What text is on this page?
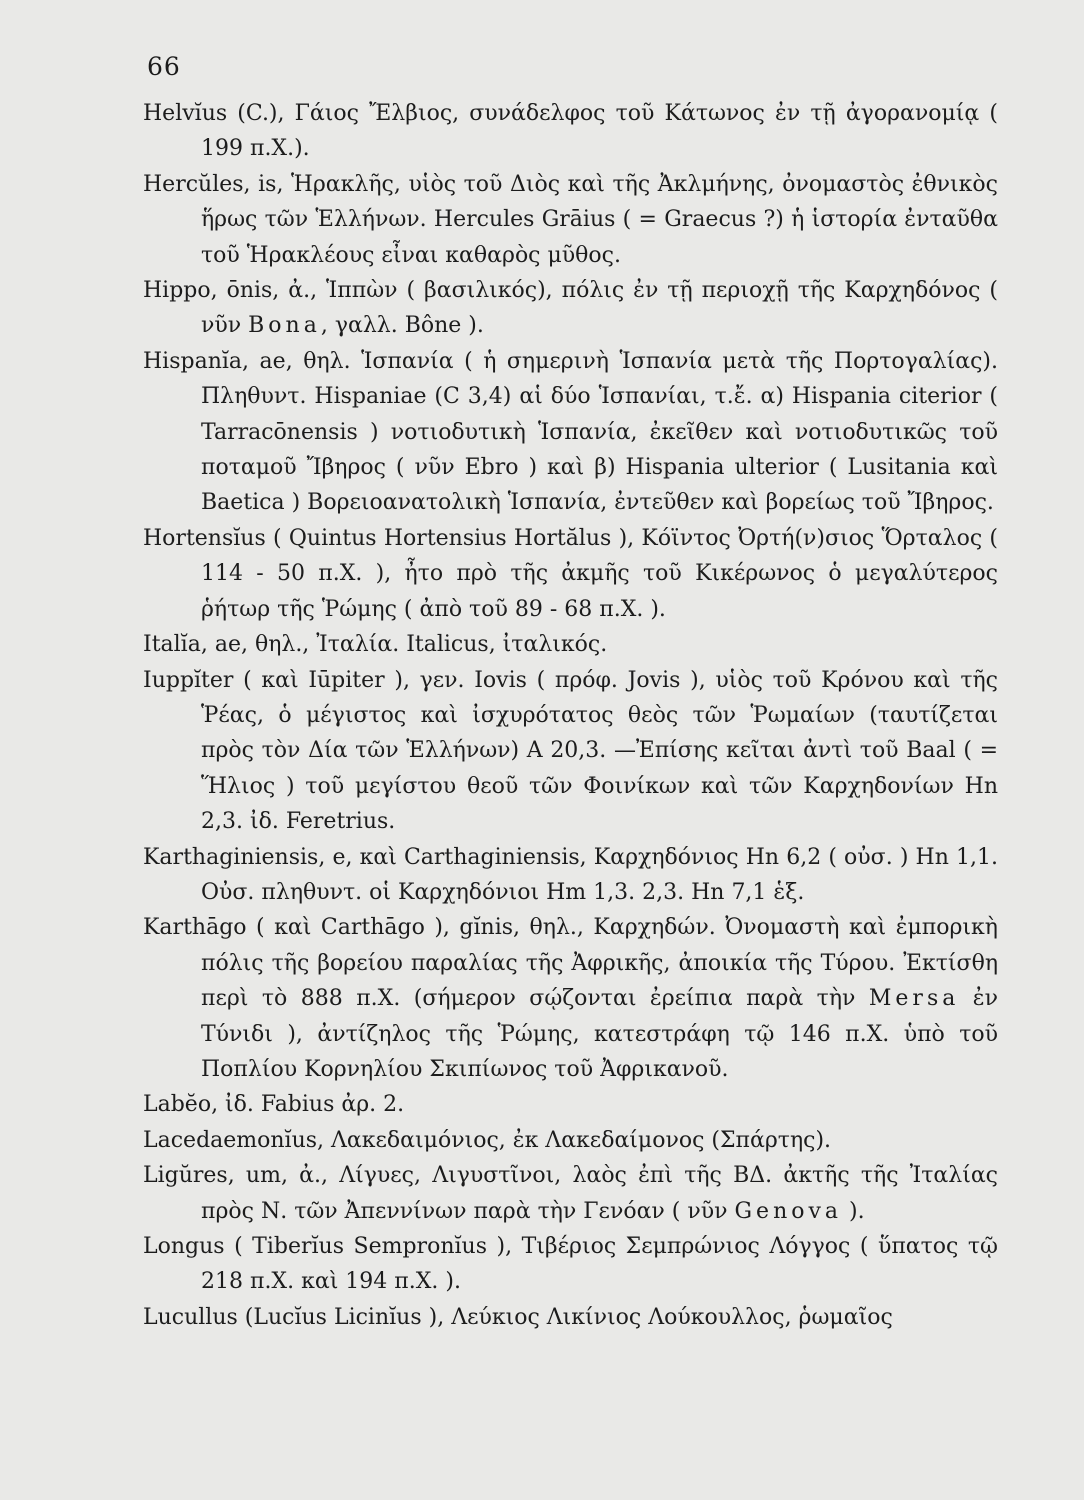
66
Helvĭus (C.), Γάιος Ἔλβιος, συνάδελφος τοῦ Κάτωνος ἐν τῇ ἀγορανομίᾳ ( 199 π.Χ.).
Hercŭles, is, Ἡρακλῆς, υἱὸς τοῦ Διὸς καὶ τῆς Ἀκλμήνης, ὀνομαστὸς ἐθνικὸς ἥρως τῶν Ἑλλήνων. Hercules Grāius ( = Graecus ?) ἡ ἱστορία ἐνταῦθα τοῦ Ἡρακλέους εἶναι καθαρὸς μῦθος.
Hippo, ōnis, ἀ., Ἱππὼν ( βασιλικός), πόλις ἐν τῇ περιοχῇ τῆς Καρχηδόνος ( νῦν Bona, γαλλ. Bône ).
Hispanĭa, ae, θηλ. Ἱσπανία ( ἡ σημερινὴ Ἱσπανία μετὰ τῆς Πορτογαλίας). Πληθυντ. Hispaniae (C 3,4) αἱ δύο Ἱσπανίαι, τ.ἔ. α) Hispania citerior ( Tarracōnensis ) νοτιοδυτικὴ Ἱσπανία, ἐκεῖθεν καὶ νοτιοδυτικῶς τοῦ ποταμοῦ Ἴβηρος ( νῦν Ebro ) καὶ β) Hispania ulterior ( Lusitania καὶ Baetica ) Βορειοανατολικὴ Ἱσπανία, ἐντεῦθεν καὶ βορείως τοῦ Ἴβηρος.
Hortensĭus ( Quintus Hortensius Hortălus ), Κόϊντος Ὀρτή(ν)σιος Ὅρταλος ( 114 - 50 π.Χ. ), ἦτο πρὸ τῆς ἀκμῆς τοῦ Κικέρωνος ὁ μεγαλύτερος ῥήτωρ τῆς Ῥώμης ( ἀπὸ τοῦ 89 - 68 π.Χ. ).
Italĭa, ae, θηλ., Ἰταλία. Italicus, ἰταλικός.
Iuppĭter ( καὶ Iūpiter ), γεν. Iovis ( πρόφ. Jovis ), υἱὸς τοῦ Κρόνου καὶ τῆς Ῥέας, ὁ μέγιστος καὶ ἰσχυρότατος θεὸς τῶν Ῥωμαίων (ταυτίζεται πρὸς τὸν Δία τῶν Ἑλλήνων) A 20,3. —Ἐπίσης κεῖται ἀντὶ τοῦ Baal ( = Ἥλιος ) τοῦ μεγίστου θεοῦ τῶν Φοινίκων καὶ τῶν Καρχηδονίων Hn 2,3. ἰδ. Feretrius.
Karthaginiensis, e, καὶ Carthaginiensis, Καρχηδόνιος Hn 6,2 ( οὐσ. ) Hn 1,1. Οὐσ. πληθυντ. οἱ Καρχηδόνιοι Hm 1,3. 2,3. Hn 7,1 ἑξ.
Karthāgo ( καὶ Carthāgo ), gĭnis, θηλ., Καρχηδών. Ὀνομαστὴ καὶ ἐμπορικὴ πόλις τῆς βορείου παραλίας τῆς Ἀφρικῆς, ἀποικία τῆς Τύρου. Ἐκτίσθη περὶ τὸ 888 π.Χ. (σήμερον σῴζονται ἐρείπια παρὰ τὴν Mersa ἐν Τύνιδι ), ἀντίζηλος τῆς Ῥώμης, κατεστράφη τῷ 146 π.Χ. ὑπὸ τοῦ Ποπλίου Κορνηλίου Σκιπίωνος τοῦ Ἀφρικανοῦ.
Labĕo, ἰδ. Fabius ἀρ. 2.
Lacedaemonĭus, Λακεδαιμόνιος, ἐκ Λακεδαίμονος (Σπάρτης).
Ligŭres, um, ἀ., Λίγυες, Λιγυστῖνοι, λαὸς ἐπὶ τῆς ΒΔ. ἀκτῆς τῆς Ἰταλίας πρὸς Ν. τῶν Ἀπεννίνων παρὰ τὴν Γενόαν ( νῦν Genova ).
Longus ( Tiberĭus Sempronĭus ), Τιβέριος Σεμπρώνιος Λόγγος ( ὕπατος τῷ 218 π.Χ. καὶ 194 π.Χ. ).
Lucullus (Lucĭus Licinĭus ), Λεύκιος Λικίνιος Λούκουλλος, ῥωμαῖος
